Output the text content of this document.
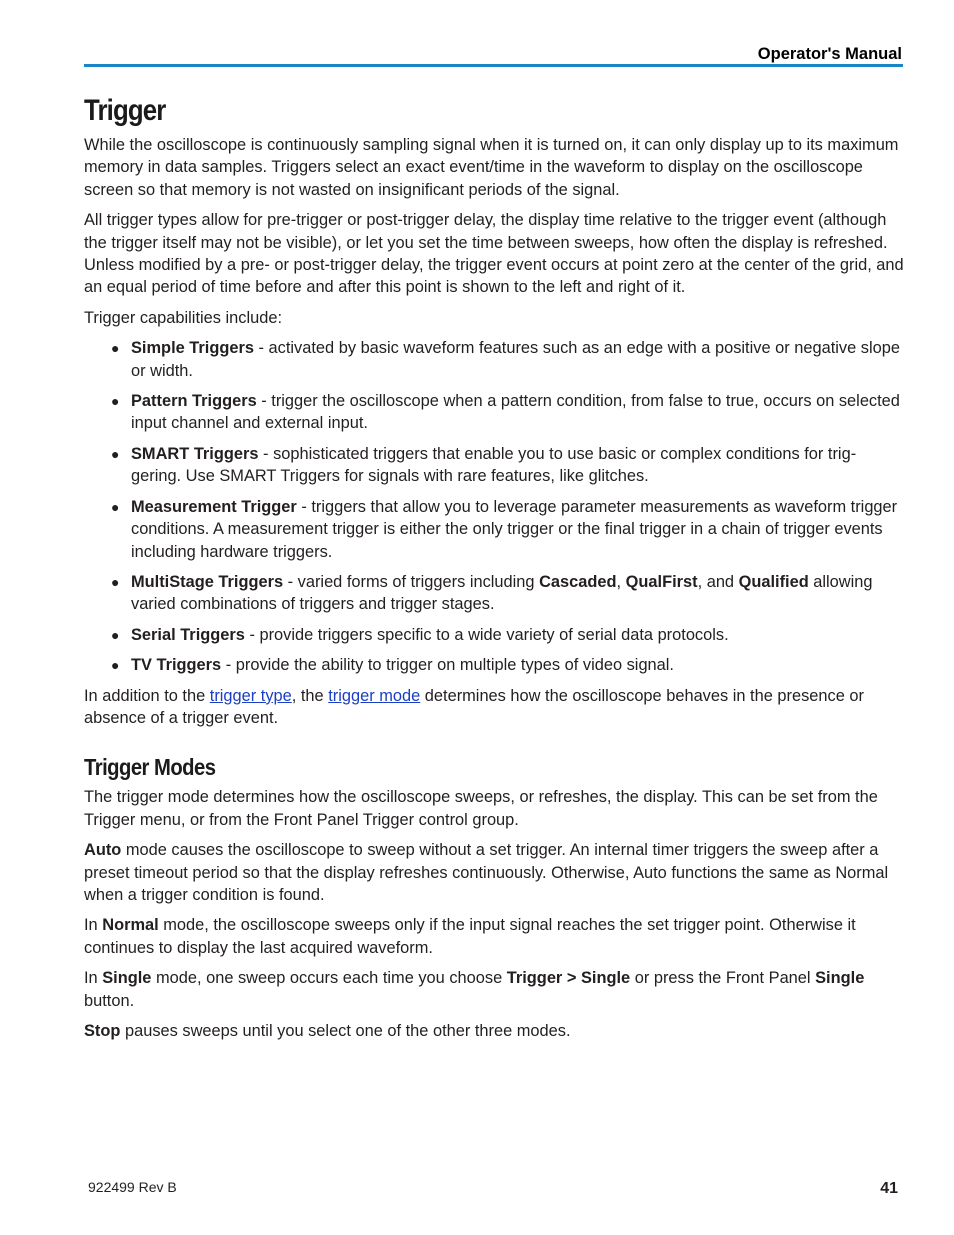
Operator's Manual
Trigger

While the oscilloscope is continuously sampling signal when it is turned on, it can only display up to its maximum memory in data samples. Triggers select an exact event/time in the waveform to display on the oscilloscope screen so that memory is not wasted on insignificant periods of the signal.

All trigger types allow for pre-trigger or post-trigger delay, the display time relative to the trigger event (although the trigger itself may not be visible), or let you set the time between sweeps, how often the display is refreshed. Unless modified by a pre- or post-trigger delay, the trigger event occurs at point zero at the center of the grid, and an equal period of time before and after this point is shown to the left and right of it.

Trigger capabilities include:

● Simple Triggers - activated by basic waveform features such as an edge with a positive or negative slope or width.
● Pattern Triggers - trigger the oscilloscope when a pattern condition, from false to true, occurs on selected input channel and external input.
● SMART Triggers - sophisticated triggers that enable you to use basic or complex conditions for trig- gering. Use SMART Triggers for signals with rare features, like glitches.
● Measurement Trigger - triggers that allow you to leverage parameter measurements as waveform trigger conditions. A measurement trigger is either the only trigger or the final trigger in a chain of trigger events including hardware triggers.
● MultiStage Triggers - varied forms of triggers including Cascaded, QualFirst, and Qualified allowing varied combinations of triggers and trigger stages.
● Serial Triggers - provide triggers specific to a wide variety of serial data protocols.
● TV Triggers - provide the ability to trigger on multiple types of video signal.

In addition to the trigger type, the trigger mode determines how the oscilloscope behaves in the presence or absence of a trigger event.

Trigger Modes

The trigger mode determines how the oscilloscope sweeps, or refreshes, the display. This can be set from the Trigger menu, or from the Front Panel Trigger control group.

Auto mode causes the oscilloscope to sweep without a set trigger. An internal timer triggers the sweep after a preset timeout period so that the display refreshes continuously. Otherwise, Auto functions the same as Normal when a trigger condition is found.

In Normal mode, the oscilloscope sweeps only if the input signal reaches the set trigger point. Otherwise it continues to display the last acquired waveform.

In Single mode, one sweep occurs each time you choose Trigger > Single or press the Front Panel Single button.

Stop pauses sweeps until you select one of the other three modes.

922499 Rev B	41
